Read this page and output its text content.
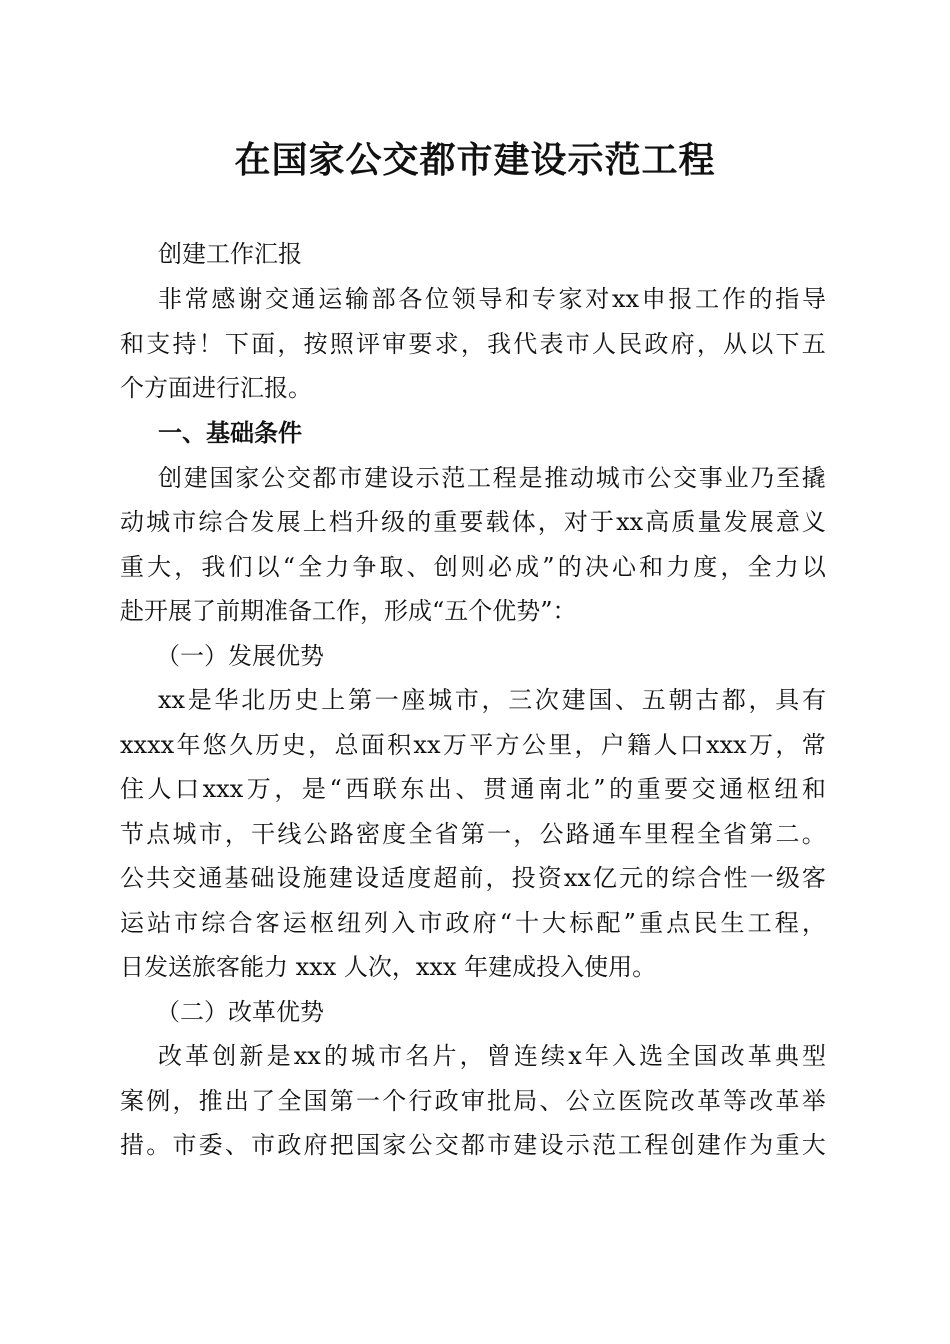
在国家公交都市建设示范工程
创建工作汇报
非 常 感 谢 交 通 运 输 部 各 位 领 导 和 专 家 对 xx 申 报 工 作 的 指 导
和 支 持 ！ 下 面 ， 按 照 评 审 要 求 ， 我 代 表 市 人 民 政 府 ， 从 以 下 五
个方面进行汇报。
一、基础条件
创 建 国 家 公 交 都 市 建 设 示 范 工 程 是 推 动 城 市 公 交 事 业 乃 至 撬
动 城 市 综 合 发 展 上 档 升 级 的 重 要 载 体 ， 对 于 xx 高 质 量 发 展 意 义
重 大 ， 我 们 以 “ 全 力 争 取 、 创 则 必 成 ” 的 决 心 和 力 度 ， 全 力 以
赴开展了前期准备工作，形成“五个优势”：
（一）发展优势
xx 是 华 北 历 史 上 第 一 座 城 市 ， 三 次 建 国 、 五 朝 古 都 ， 具 有
xxxx 年 悠 久 历 史 ， 总 面 积 xx 万 平 方 公 里 ， 户 籍 人 口 xxx 万 ， 常
住 人 口 xxx 万 ， 是 “ 西 联 东 出 、 贯 通 南 北 ” 的 重 要 交 通 枢 纽 和
节 点 城 市 ， 干 线 公 路 密 度 全 省 第 一 ， 公 路 通 车 里 程 全 省 第 二 。
公 共 交 通 基 础 设 施 建 设 适 度 超 前 ， 投 资 xx 亿 元 的 综 合 性 一 级 客
运 站 市 综 合 客 运 枢 纽 列 入 市 政 府 “ 十 大 标 配 ” 重 点 民 生 工 程 ，
日发送旅客能力 xxx 人次，xxx 年建成投入使用。
（二）改革优势
改 革 创 新 是 xx 的 城 市 名 片 ， 曾 连 续 x 年 入 选 全 国 改 革 典 型
案 例 ， 推 出 了 全 国 第 一 个 行 政 审 批 局 、 公 立 医 院 改 革 等 改 革 举
措 。 市 委 、 市 政 府 把 国 家 公 交 都 市 建 设 示 范 工 程 创 建 作 为 重 大
